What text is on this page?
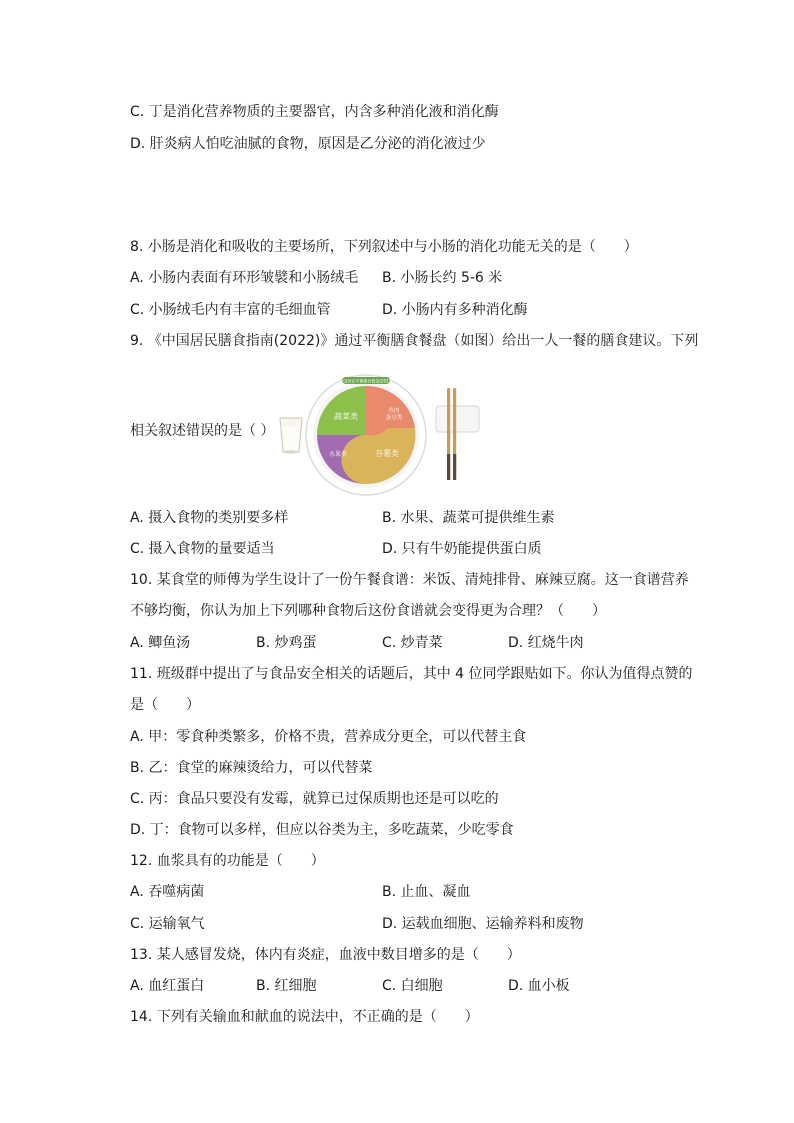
C. 丁是消化营养物质的主要器官，内含多种消化液和消化酶
D. 肝炎病人怕吃油腻的食物，原因是乙分泌的消化液过少
8. 小肠是消化和吸收的主要场所，下列叙述中与小肠的消化功能无关的是（　　）
A. 小肠内表面有环形皱襞和小肠绒毛 B. 小肠长约 5-6 米
C. 小肠绒毛内有丰富的毛细血管	D. 小肠内有多种消化酶
9. 《中国居民膳食指南(2022)》通过平衡膳食餐盘（如图）给出一人一餐的膳食建议。下列
相关叙述错误的是（ ）
中国居民平衡膳食餐盘(2022)
蔬菜类
鱼肉蛋豆类
谷薯类
水果类
A. 摄入食物的类别要多样	B. 水果、蔬菜可提供维生素
C. 摄入食物的量要适当	D. 只有牛奶能提供蛋白质
10. 某食堂的师傅为学生设计了一份午餐食谱：米饭、清炖排骨、麻辣豆腐。这一食谱营养
不够均衡，你认为加上下列哪种食物后这份食谱就会变得更为合理？（　　）
A. 鲫鱼汤	B. 炒鸡蛋	C. 炒青菜	D. 红烧牛肉
11. 班级群中提出了与食品安全相关的话题后，其中 4 位同学跟贴如下。你认为值得点赞的
是（　　）
A. 甲：零食种类繁多，价格不贵，营养成分更全，可以代替主食
B. 乙：食堂的麻辣烫给力，可以代替菜
C. 丙：食品只要没有发霉，就算已过保质期也还是可以吃的
D. 丁：食物可以多样，但应以谷类为主，多吃蔬菜，少吃零食
12. 血浆具有的功能是（　　）
A. 吞噬病菌	B. 止血、凝血
C. 运输氧气	D. 运载血细胞、运输养料和废物
13. 某人感冒发烧，体内有炎症，血液中数目增多的是（　　）
A. 血红蛋白	B. 红细胞	C. 白细胞	D. 血小板
14. 下列有关输血和献血的说法中，不正确的是（　　）
